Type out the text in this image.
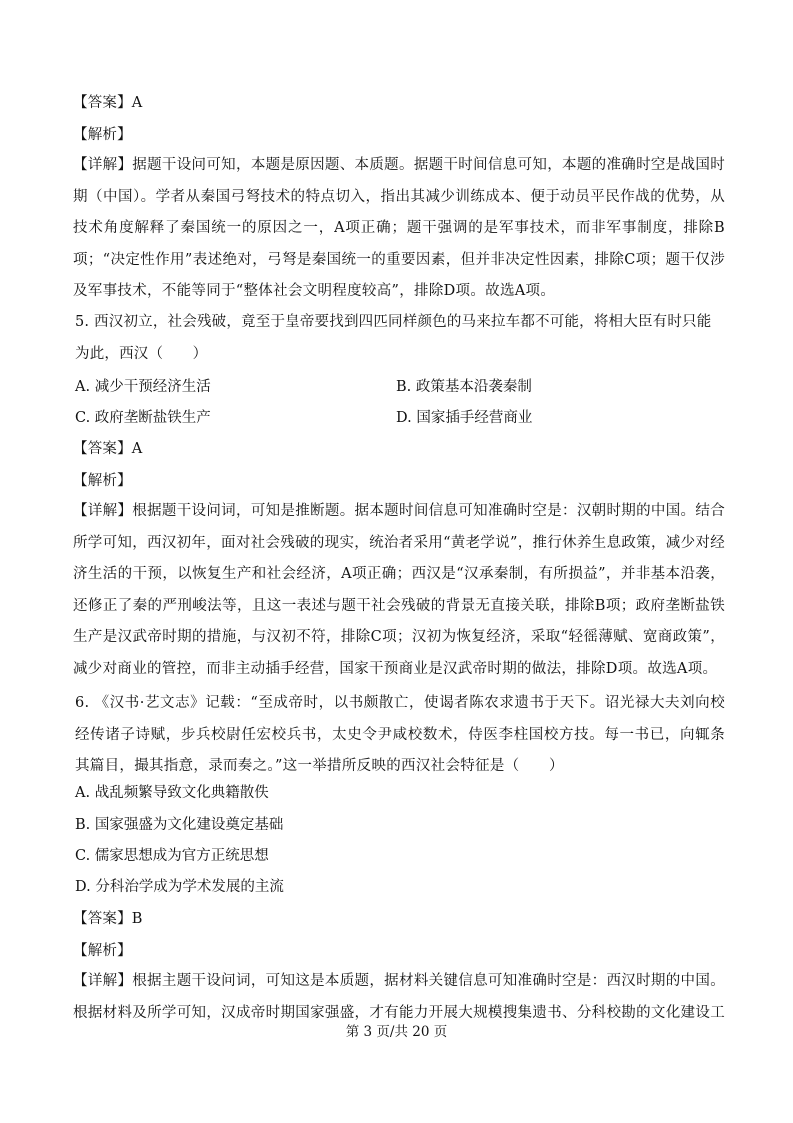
【答案】A
【解析】
【详解】据题干设问可知，本题是原因题、本质题。据题干时间信息可知，本题的准确时空是战国时期（中国）。学者从秦国弓弩技术的特点切入，指出其减少训练成本、便于动员平民作战的优势，从技术角度解释了秦国统一的原因之一，A项正确；题干强调的是军事技术，而非军事制度，排除B项；“决定性作用”表述绝对，弓弩是秦国统一的重要因素，但并非决定性因素，排除C项；题干仅涉及军事技术，不能等同于“整体社会文明程度较高”，排除D项。故选A项。
5. 西汉初立，社会残破，竟至于皇帝要找到四匹同样颜色的马来拉车都不可能，将相大臣有时只能
为此，西汉（　　）
A. 减少干预经济生活	B. 政策基本沿袭秦制
C. 政府垄断盐铁生产	D. 国家插手经营商业
【答案】A
【解析】
【详解】根据题干设问词，可知是推断题。据本题时间信息可知准确时空是：汉朝时期的中国。结合所学可知，西汉初年，面对社会残破的现实，统治者采用“黄老学说”，推行休养生息政策，减少对经济生活的干预，以恢复生产和社会经济，A项正确；西汉是“汉承秦制，有所损益”，并非基本沿袭，还修正了秦的严刑峻法等，且这一表述与题干社会残破的背景无直接关联，排除B项；政府垄断盐铁生产是汉武帝时期的措施，与汉初不符，排除C项；汉初为恢复经济，采取“轻徭薄赋、宽商政策”，减少对商业的管控，而非主动插手经营，国家干预商业是汉武帝时期的做法，排除D项。故选A项。
6. 《汉书·艺文志》记载：“至成帝时，以书颇散亡，使谒者陈农求遗书于天下。诏光禄大夫刘向校经传诸子诗赋，步兵校尉任宏校兵书，太史令尹咸校数术，侍医李柱国校方技。每一书已，向辄条其篇目，撮其指意，录而奏之。”这一举措所反映的西汉社会特征是（　　）
A. 战乱频繁导致文化典籍散佚
B. 国家强盛为文化建设奠定基础
C. 儒家思想成为官方正统思想
D. 分科治学成为学术发展的主流
【答案】B
【解析】
【详解】根据主题干设问词，可知这是本质题，据材料关键信息可知准确时空是：西汉时期的中国。根据材料及所学可知，汉成帝时期国家强盛，才有能力开展大规模搜集遗书、分科校勘的文化建设工
第 3 页/共 20 页
